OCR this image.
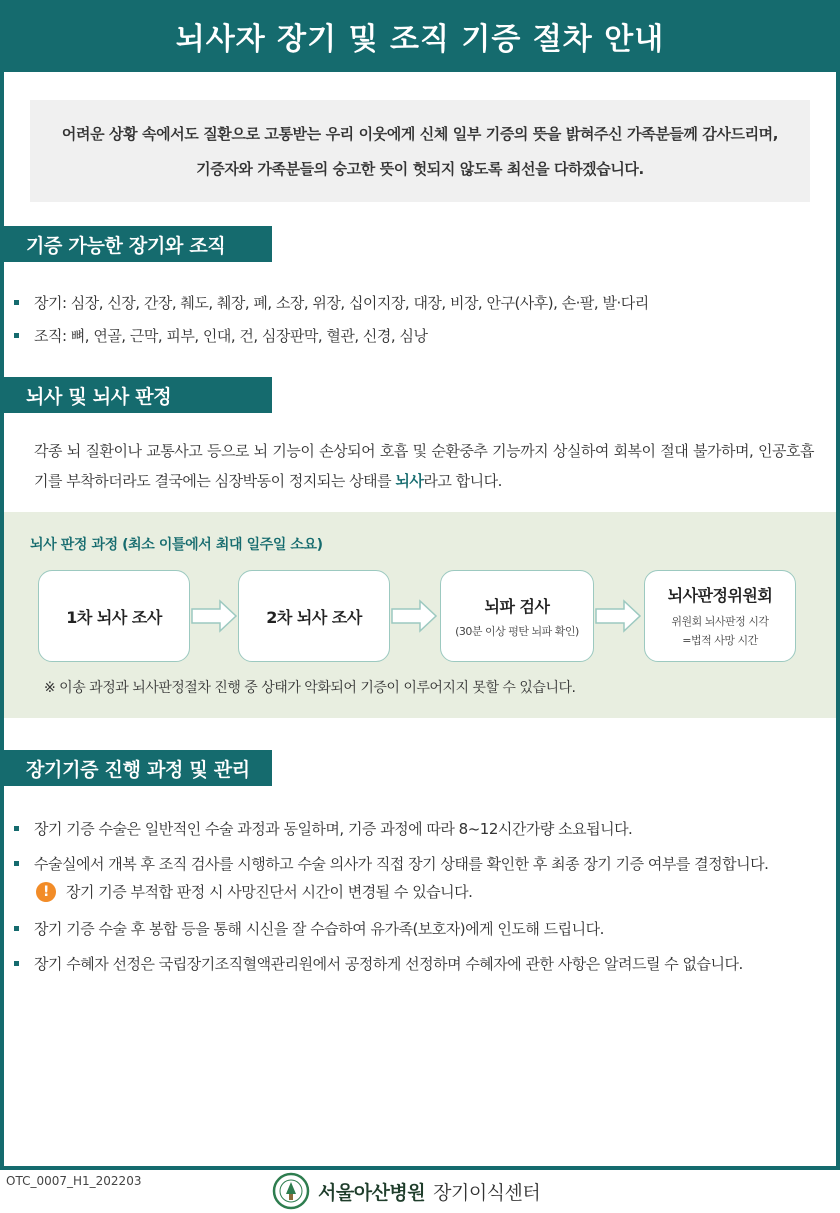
뇌사자 장기 및 조직 기증 절차 안내

어려운 상황 속에서도 질환으로 고통받는 우리 이웃에게 신체 일부 기증의 뜻을 밝혀주신 가족분들께 감사드리며,

기증자와 가족분들의 숭고한 뜻이 헛되지 않도록 최선을 다하겠습니다.

기증 가능한 장기와 조직
장기: 심장, 신장, 간장, 췌도, 췌장, 폐, 소장, 위장, 십이지장, 대장, 비장, 안구(사후), 손·팔, 발·다리
조직: 뼈, 연골, 근막, 피부, 인대, 건, 심장판막, 혈관, 신경, 심낭
뇌사 및 뇌사 판정

각종 뇌 질환이나 교통사고 등으로 뇌 기능이 손상되어 호흡 및 순환중추 기능까지 상실하여 회복이 절대 불가하며, 인공호흡기를 부착하더라도 결국에는 심장박동이 정지되는 상태를 뇌사라고 합니다.

뇌사 판정 과정 (최소 이틀에서 최대 일주일 소요)
1차 뇌사 조사	2차 뇌사 조사
뇌파 검사
(30분 이상 평탄 뇌파 확인)
뇌사판정위원회
위원회 뇌사판정 시각
=법적 사망 시간
※ 이송 과정과 뇌사판정절차 진행 중 상태가 악화되어 기증이 이루어지지 못할 수 있습니다.
장기기증 진행 과정 및 관리
장기 기증 수술은 일반적인 수술 과정과 동일하며, 기증 과정에 따라 8~12시간가량 소요됩니다.
수술실에서 개복 후 조직 검사를 시행하고 수술 의사가 직접 장기 상태를 확인한 후 최종 장기 기증 여부를 결정합니다.
!	장기 기증 부적합 판정 시 사망진단서 시간이 변경될 수 있습니다.
장기 기증 수술 후 봉합 등을 통해 시신을 잘 수습하여 유가족(보호자)에게 인도해 드립니다.
장기 수혜자 선정은 국립장기조직혈액관리원에서 공정하게 선정하며 수혜자에 관한 사항은 알려드릴 수 없습니다.
OTC_0007_H1_202203
서울아산병원 장기이식센터
